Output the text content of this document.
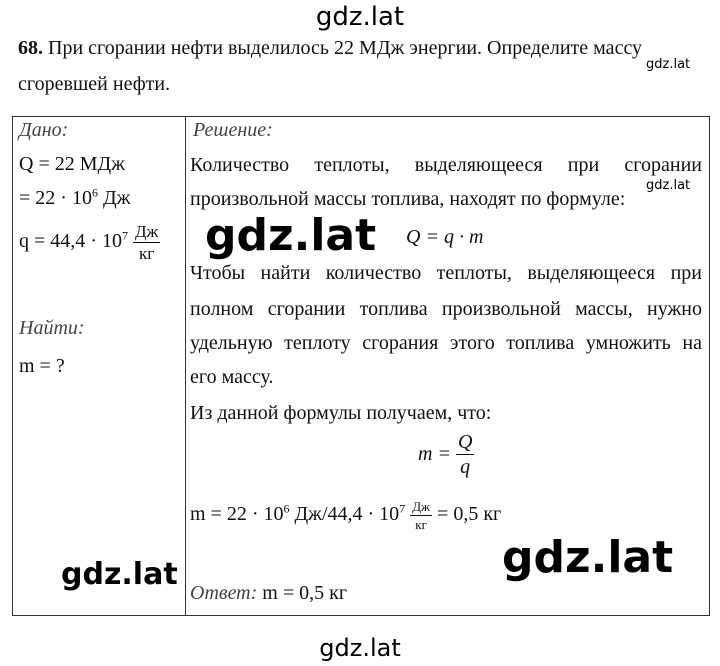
gdz.lat
68. При сгорании нефти выделилось 22 МДж энергии. Определите массу
сгоревшей нефти.
gdz.lat
Дано:
Q = 22 МДж
= $22 \cdot 10^6$ Дж
$q = 44,4 \cdot 10^7 \frac{Дж}{кг}$
Найти:
m = ?
gdz.lat
Решение:
Количество теплоты, выделяющееся при сгорании
произвольной массы топлива, находят по формуле:
gdz.lat
gdz.lat Q = q · m
Чтобы найти количество теплоты, выделяющееся при
полном сгорании топлива произвольной массы, нужно
удельную теплоту сгорания этого топлива умножить на
его массу.
Из данной формулы получаем, что:
$m = \frac{Q}{q}$
$m = 22 \cdot 10^6$ $Дж/44,4 \cdot 10^7 \frac{Дж}{кг} = 0,5$ кг
gdz.lat
Ответ: m = 0,5 кг
gdz.lat
